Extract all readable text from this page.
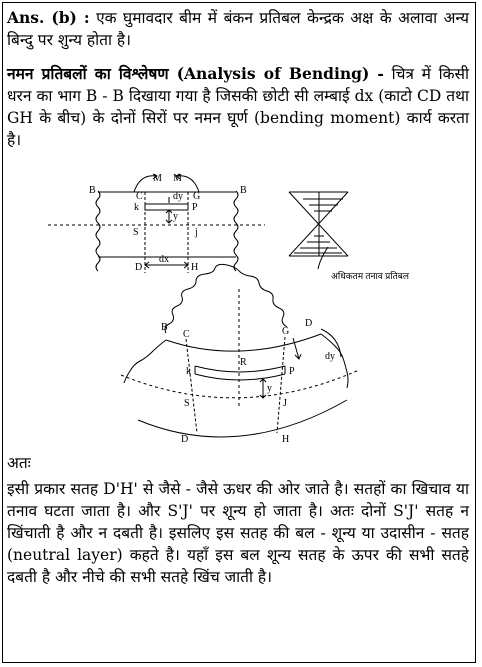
Ans. (b) : एक घुमावदार बीम में बंकन प्रतिबल केन्द्रक अक्ष के अलावा अन्य बिन्दु पर शुन्य होता है।
नमन प्रतिबलों का विश्लेषण (Analysis of Bending) - चित्र में किसी धरन का भाग B - B दिखाया गया है जिसकी छोटी सी लम्बाई dx (काटो CD तथा GH के बीच) के दोनों सिरों पर नमन घूर्ण (bending moment) कार्य करता है।
B	B
M M
C	G
dy
k	P
y
S	j
D	H
dx
अधिकतम तनाव प्रतिबल
B
C	G
D
dy
R
k	P
y
S	J
D	H
अतः
इसी प्रकार सतह D'H' से जैसे - जैसे ऊधर की ओर जाते है। सतहों का खिचाव या तनाव घटता जाता है। और S'J' पर शून्य हो जाता है। अतः दोनों S'J' सतह न खिंचाती है और न दबती है। इसलिए इस सतह की बल - शून्य या उदासीन - सतह (neutral layer) कहते है। यहाँ इस बल शून्य सतह के ऊपर की सभी सतहे दबती है और नीचे की सभी सतहे खिंच जाती है।
